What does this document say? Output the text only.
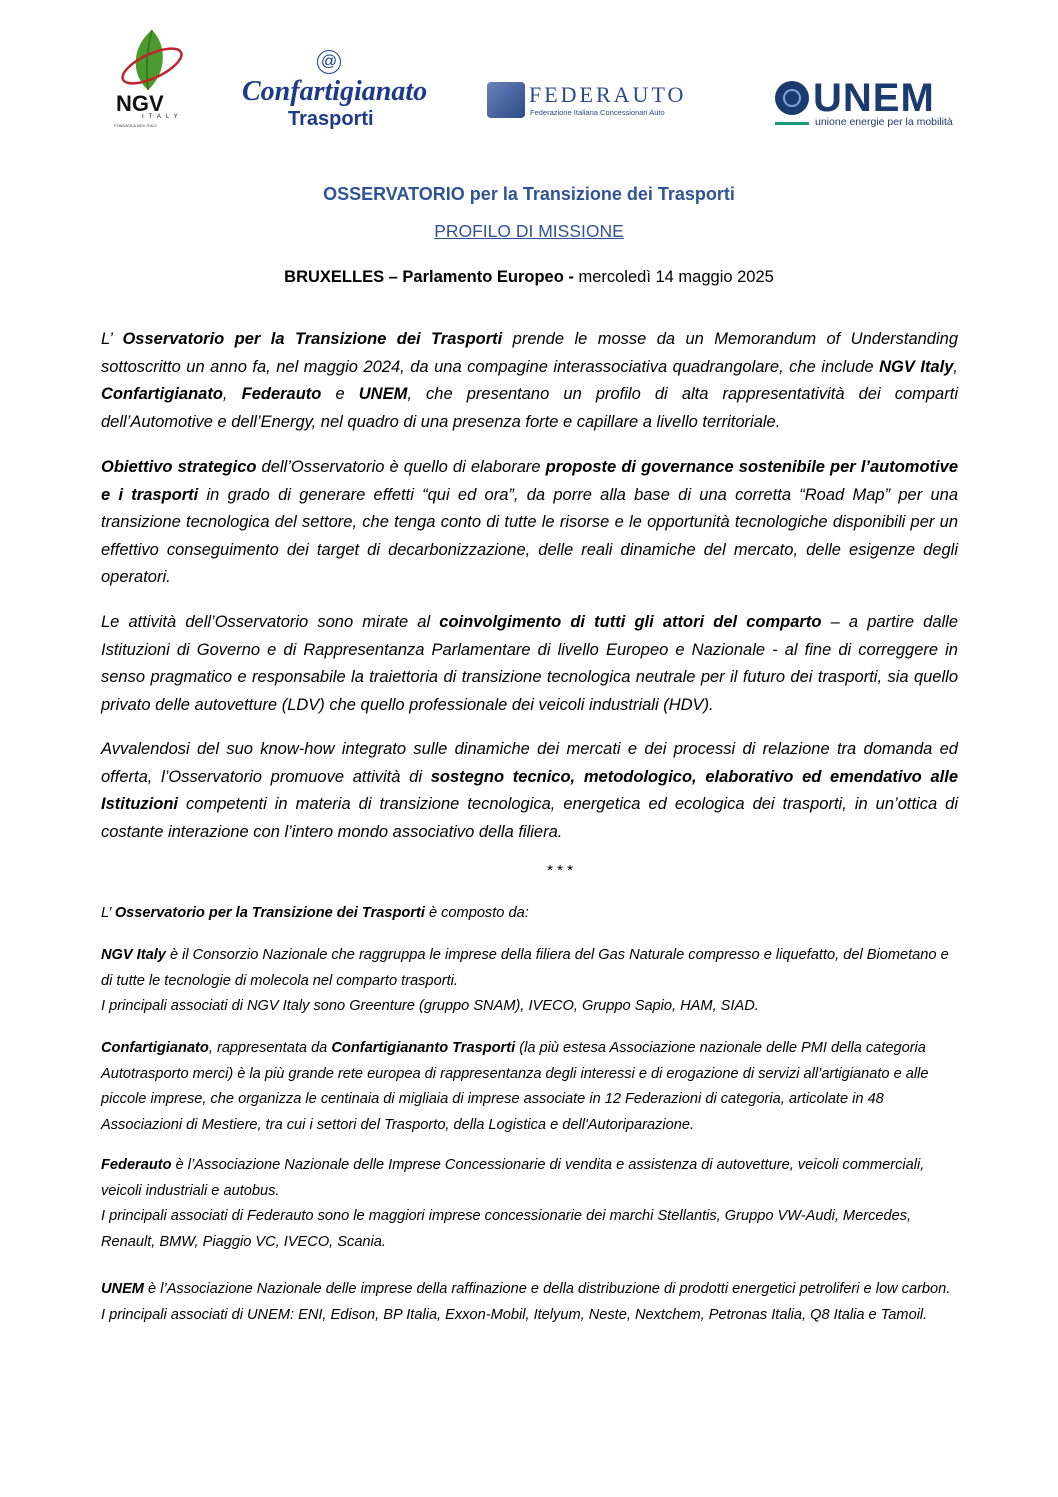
NGV
ITALY
FONDATA A NGV ITALY
@
Confartigianato
Trasporti
FEDERAUTO
Federazione Italiana Concessionari Auto	UNEM
unione energie per la mobilità
OSSERVATORIO per la Transizione dei Trasporti
PROFILO DI MISSIONE
BRUXELLES – Parlamento Europeo - mercoledì 14 maggio 2025
L’ Osservatorio per la Transizione dei Trasporti prende le mosse da un Memorandum of Understanding sottoscritto un anno fa, nel maggio 2024, da una compagine interassociativa quadrangolare, che include NGV Italy, Confartigianato, Federauto e UNEM, che presentano un profilo di alta rappresentatività dei comparti dell’Automotive e dell’Energy, nel quadro di una presenza forte e capillare a livello territoriale.
Obiettivo strategico dell’Osservatorio è quello di elaborare proposte di governance sostenibile per l’automotive e i trasporti in grado di generare effetti “qui ed ora”, da porre alla base di una corretta “Road Map” per una transizione tecnologica del settore, che tenga conto di tutte le risorse e le opportunità tecnologiche disponibili per un effettivo conseguimento dei target di decarbonizzazione, delle reali dinamiche del mercato, delle esigenze degli operatori.
Le attività dell’Osservatorio sono mirate al coinvolgimento di tutti gli attori del comparto – a partire dalle Istituzioni di Governo e di Rappresentanza Parlamentare di livello Europeo e Nazionale - al fine di correggere in senso pragmatico e responsabile la traiettoria di transizione tecnologica neutrale per il futuro dei trasporti, sia quello privato delle autovetture (LDV) che quello professionale dei veicoli industriali (HDV).
Avvalendosi del suo know-how integrato sulle dinamiche dei mercati e dei processi di relazione tra domanda ed offerta, l’Osservatorio promuove attività di sostegno tecnico, metodologico, elaborativo ed emendativo alle Istituzioni competenti in materia di transizione tecnologica, energetica ed ecologica dei trasporti, in un’ottica di costante interazione con l’intero mondo associativo della filiera.
* * *
L’ Osservatorio per la Transizione dei Trasporti è composto da:
NGV Italy è il Consorzio Nazionale che raggruppa le imprese della filiera del Gas Naturale compresso e liquefatto, del Biometano e di tutte le tecnologie di molecola nel comparto trasporti.
I principali associati di NGV Italy sono Greenture (gruppo SNAM), IVECO, Gruppo Sapio, HAM, SIAD.
Confartigianato, rappresentata da Confartigiananto Trasporti (la più estesa Associazione nazionale delle PMI della categoria Autotrasporto merci) è la più grande rete europea di rappresentanza degli interessi e di erogazione di servizi all’artigianato e alle piccole imprese, che organizza le centinaia di migliaia di imprese associate in 12 Federazioni di categoria, articolate in 48 Associazioni di Mestiere, tra cui i settori del Trasporto, della Logistica e dell'Autoriparazione.
Federauto è l’Associazione Nazionale delle Imprese Concessionarie di vendita e assistenza di autovetture, veicoli commerciali, veicoli industriali e autobus.
I principali associati di Federauto sono le maggiori imprese concessionarie dei marchi Stellantis, Gruppo VW-Audi, Mercedes, Renault, BMW, Piaggio VC, IVECO, Scania.
UNEM è l’Associazione Nazionale delle imprese della raffinazione e della distribuzione di prodotti energetici petroliferi e low carbon.
I principali associati di UNEM: ENI, Edison, BP Italia, Exxon-Mobil, Itelyum, Neste, Nextchem, Petronas Italia, Q8 Italia e Tamoil.
